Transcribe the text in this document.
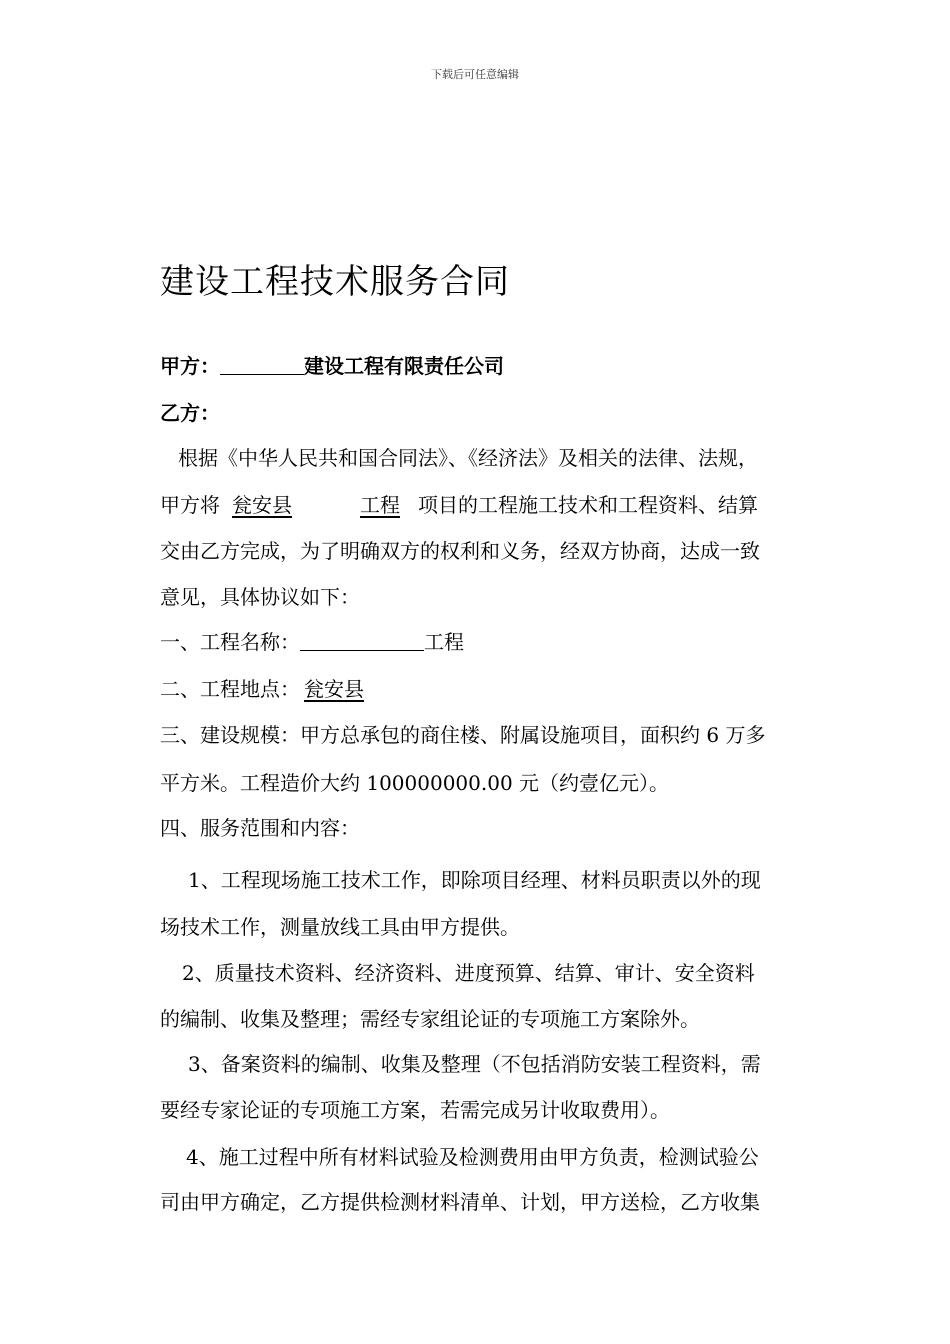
下载后可任意编辑
建设工程技术服务合同
甲方：	建设工程有限责任公司
乙方：
根据《中华人民共和国合同法》、《经济法》及相关的法律、法规，
甲方将 瓮安县	工程 项目的工程施工技术和工程资料、结算
交由乙方完成，为了明确双方的权利和义务，经双方协商，达成一致
意见，具体协议如下：
一、工程名称：	工程
二、工程地点： 瓮安县
三、建设规模：甲方总承包的商住楼、附属设施项目，面积约 6 万多
平方米。工程造价大约 100000000.00 元（约壹亿元）。
四、服务范围和内容：
1、工程现场施工技术工作，即除项目经理、材料员职责以外的现
场技术工作，测量放线工具由甲方提供。
2、质量技术资料、经济资料、进度预算、结算、审计、安全资料
的编制、收集及整理；需经专家组论证的专项施工方案除外。
3、备案资料的编制、收集及整理（不包括消防安装工程资料，需
要经专家论证的专项施工方案，若需完成另计收取费用）。
4、施工过程中所有材料试验及检测费用由甲方负责，检测试验公
司由甲方确定，乙方提供检测材料清单、计划，甲方送检，乙方收集
